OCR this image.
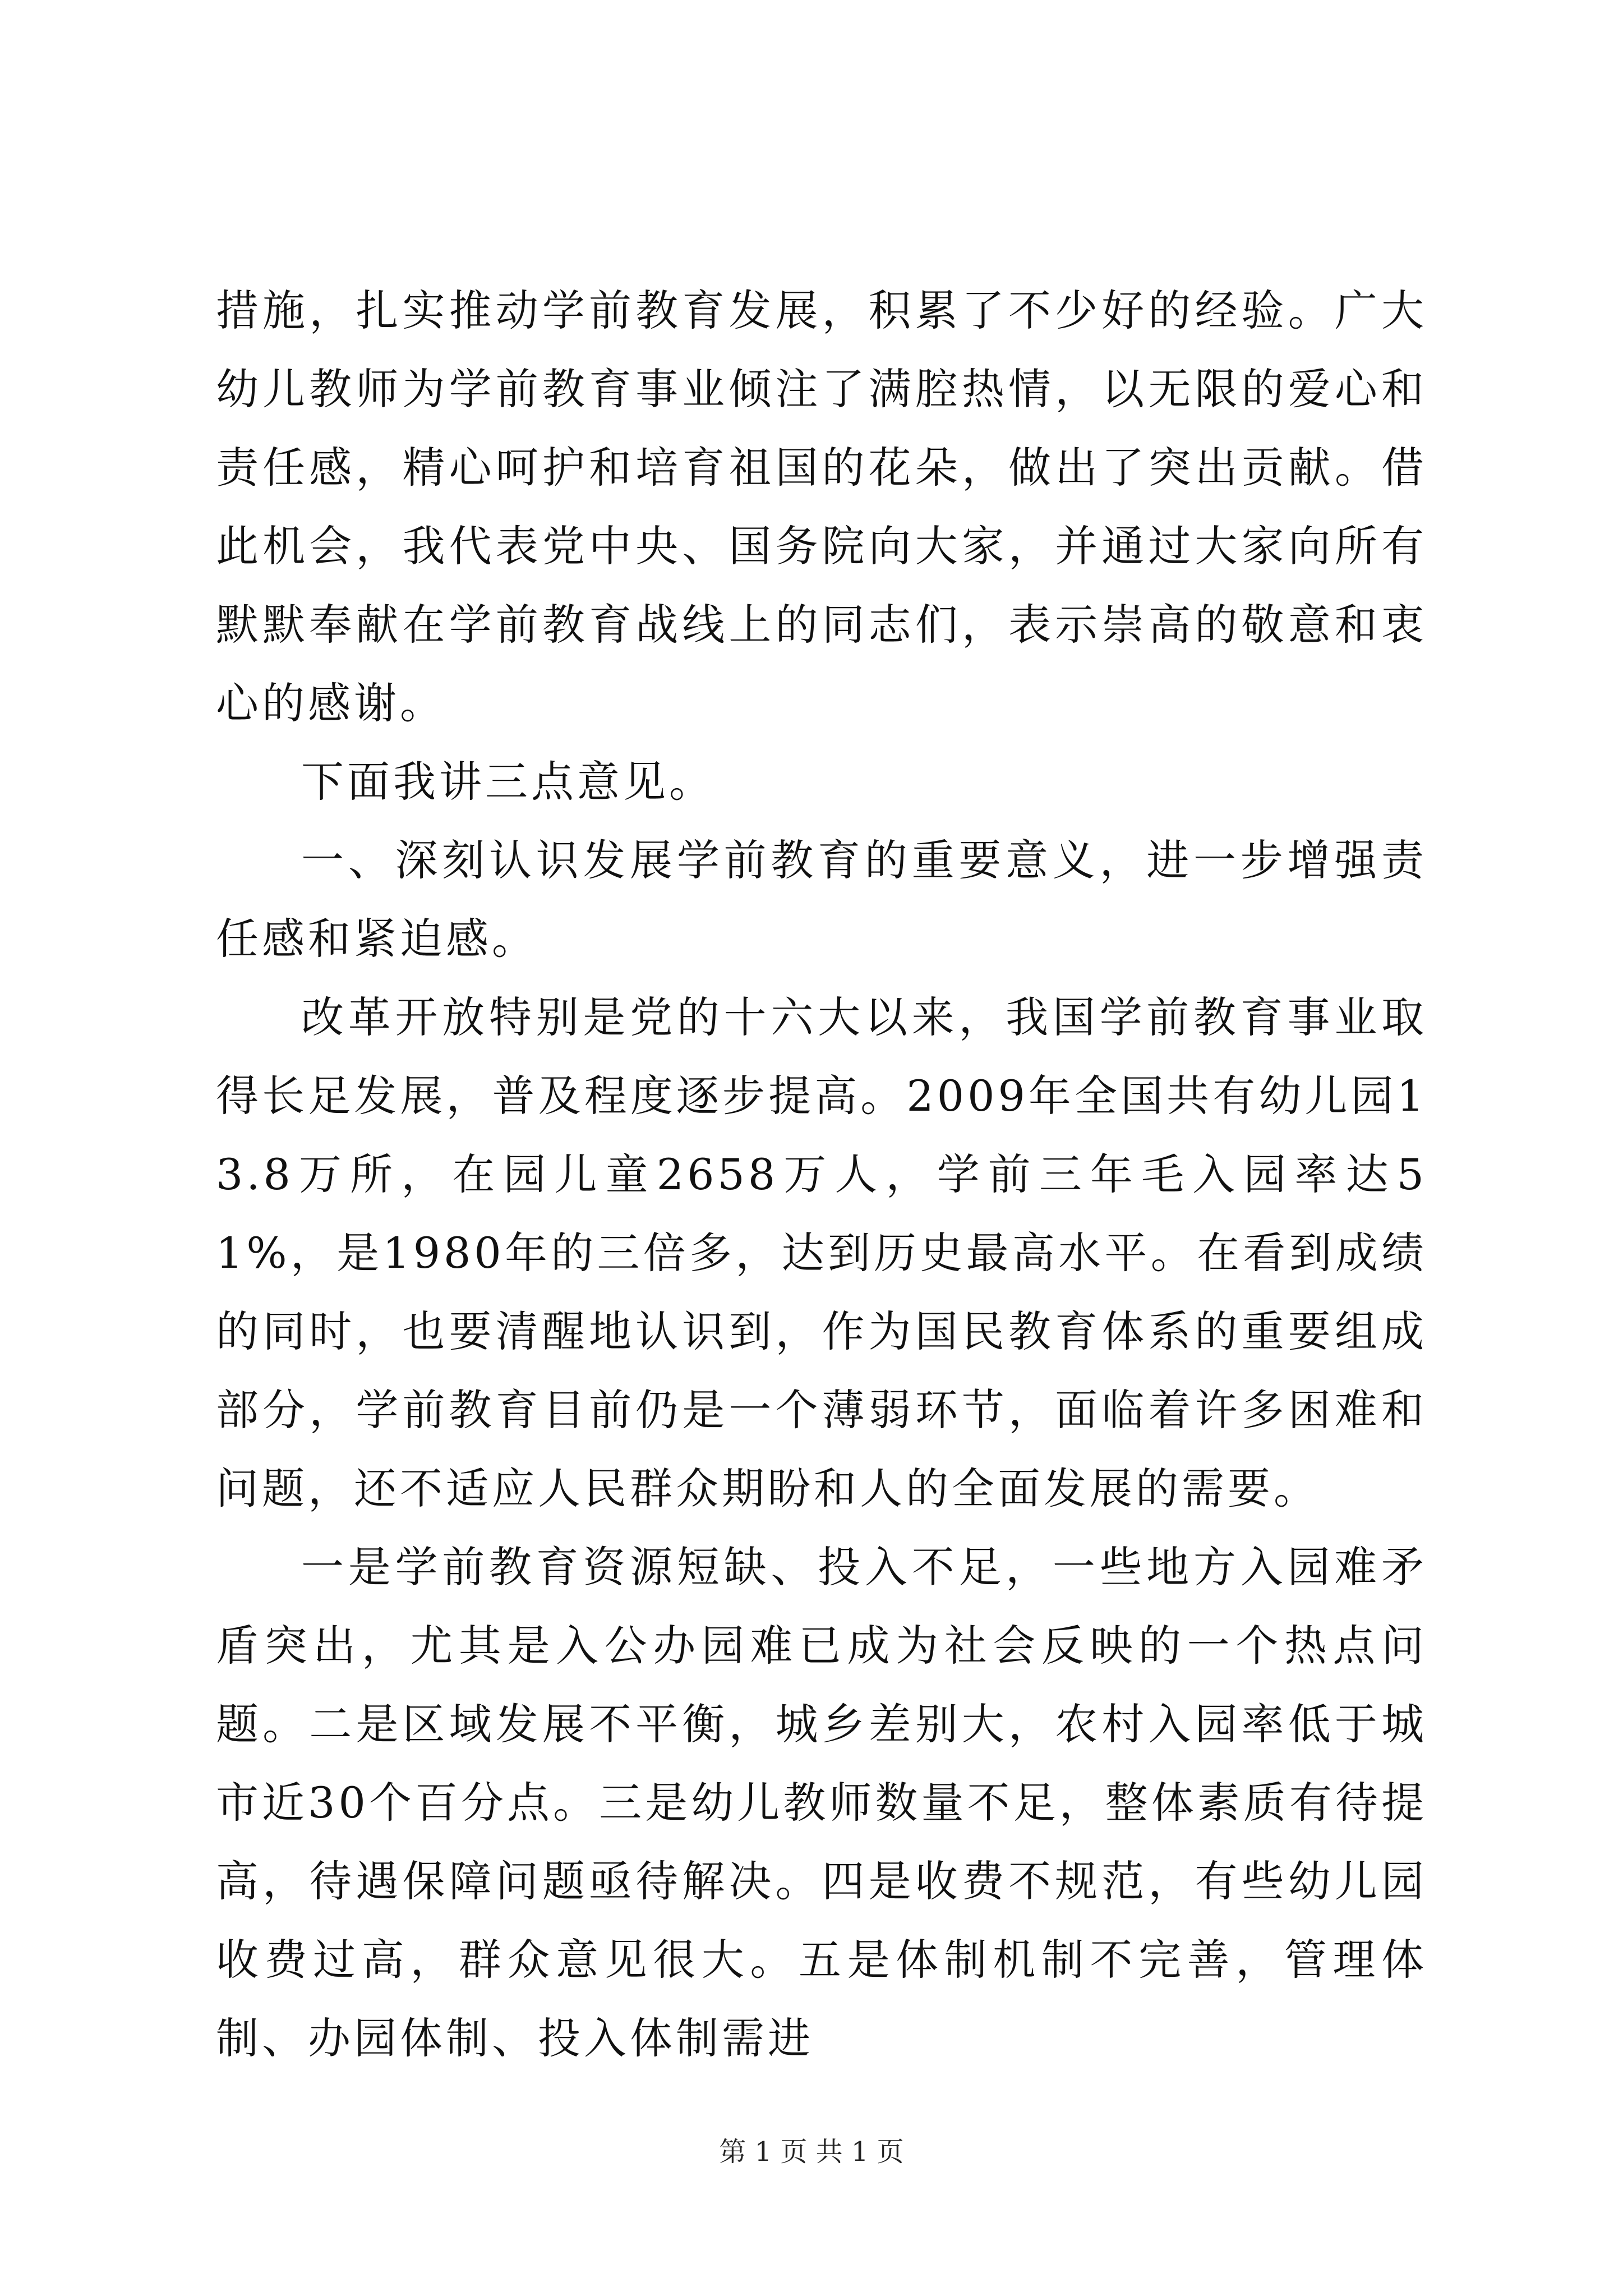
措施，扎实推动学前教育发展，积累了不少好的经验。广大幼儿教师为学前教育事业倾注了满腔热情，以无限的爱心和责任感，精心呵护和培育祖国的花朵，做出了突出贡献。借此机会，我代表党中央、国务院向大家，并通过大家向所有默默奉献在学前教育战线上的同志们，表示崇高的敬意和衷心的感谢。

下面我讲三点意见。

一、深刻认识发展学前教育的重要意义，进一步增强责任感和紧迫感。

改革开放特别是党的十六大以来，我国学前教育事业取得长足发展，普及程度逐步提高。2009年全国共有幼儿园13.8万所，在园儿童2658万人，学前三年毛入园率达51%，是1980年的三倍多，达到历史最高水平。在看到成绩的同时，也要清醒地认识到，作为国民教育体系的重要组成部分，学前教育目前仍是一个薄弱环节，面临着许多困难和问题，还不适应人民群众期盼和人的全面发展的需要。

一是学前教育资源短缺、投入不足，一些地方入园难矛盾突出，尤其是入公办园难已成为社会反映的一个热点问题。二是区域发展不平衡，城乡差别大，农村入园率低于城市近30个百分点。三是幼儿教师数量不足，整体素质有待提高，待遇保障问题亟待解决。四是收费不规范，有些幼儿园收费过高，群众意见很大。五是体制机制不完善，管理体制、办园体制、投入体制需进

第 1 页 共 1 页
